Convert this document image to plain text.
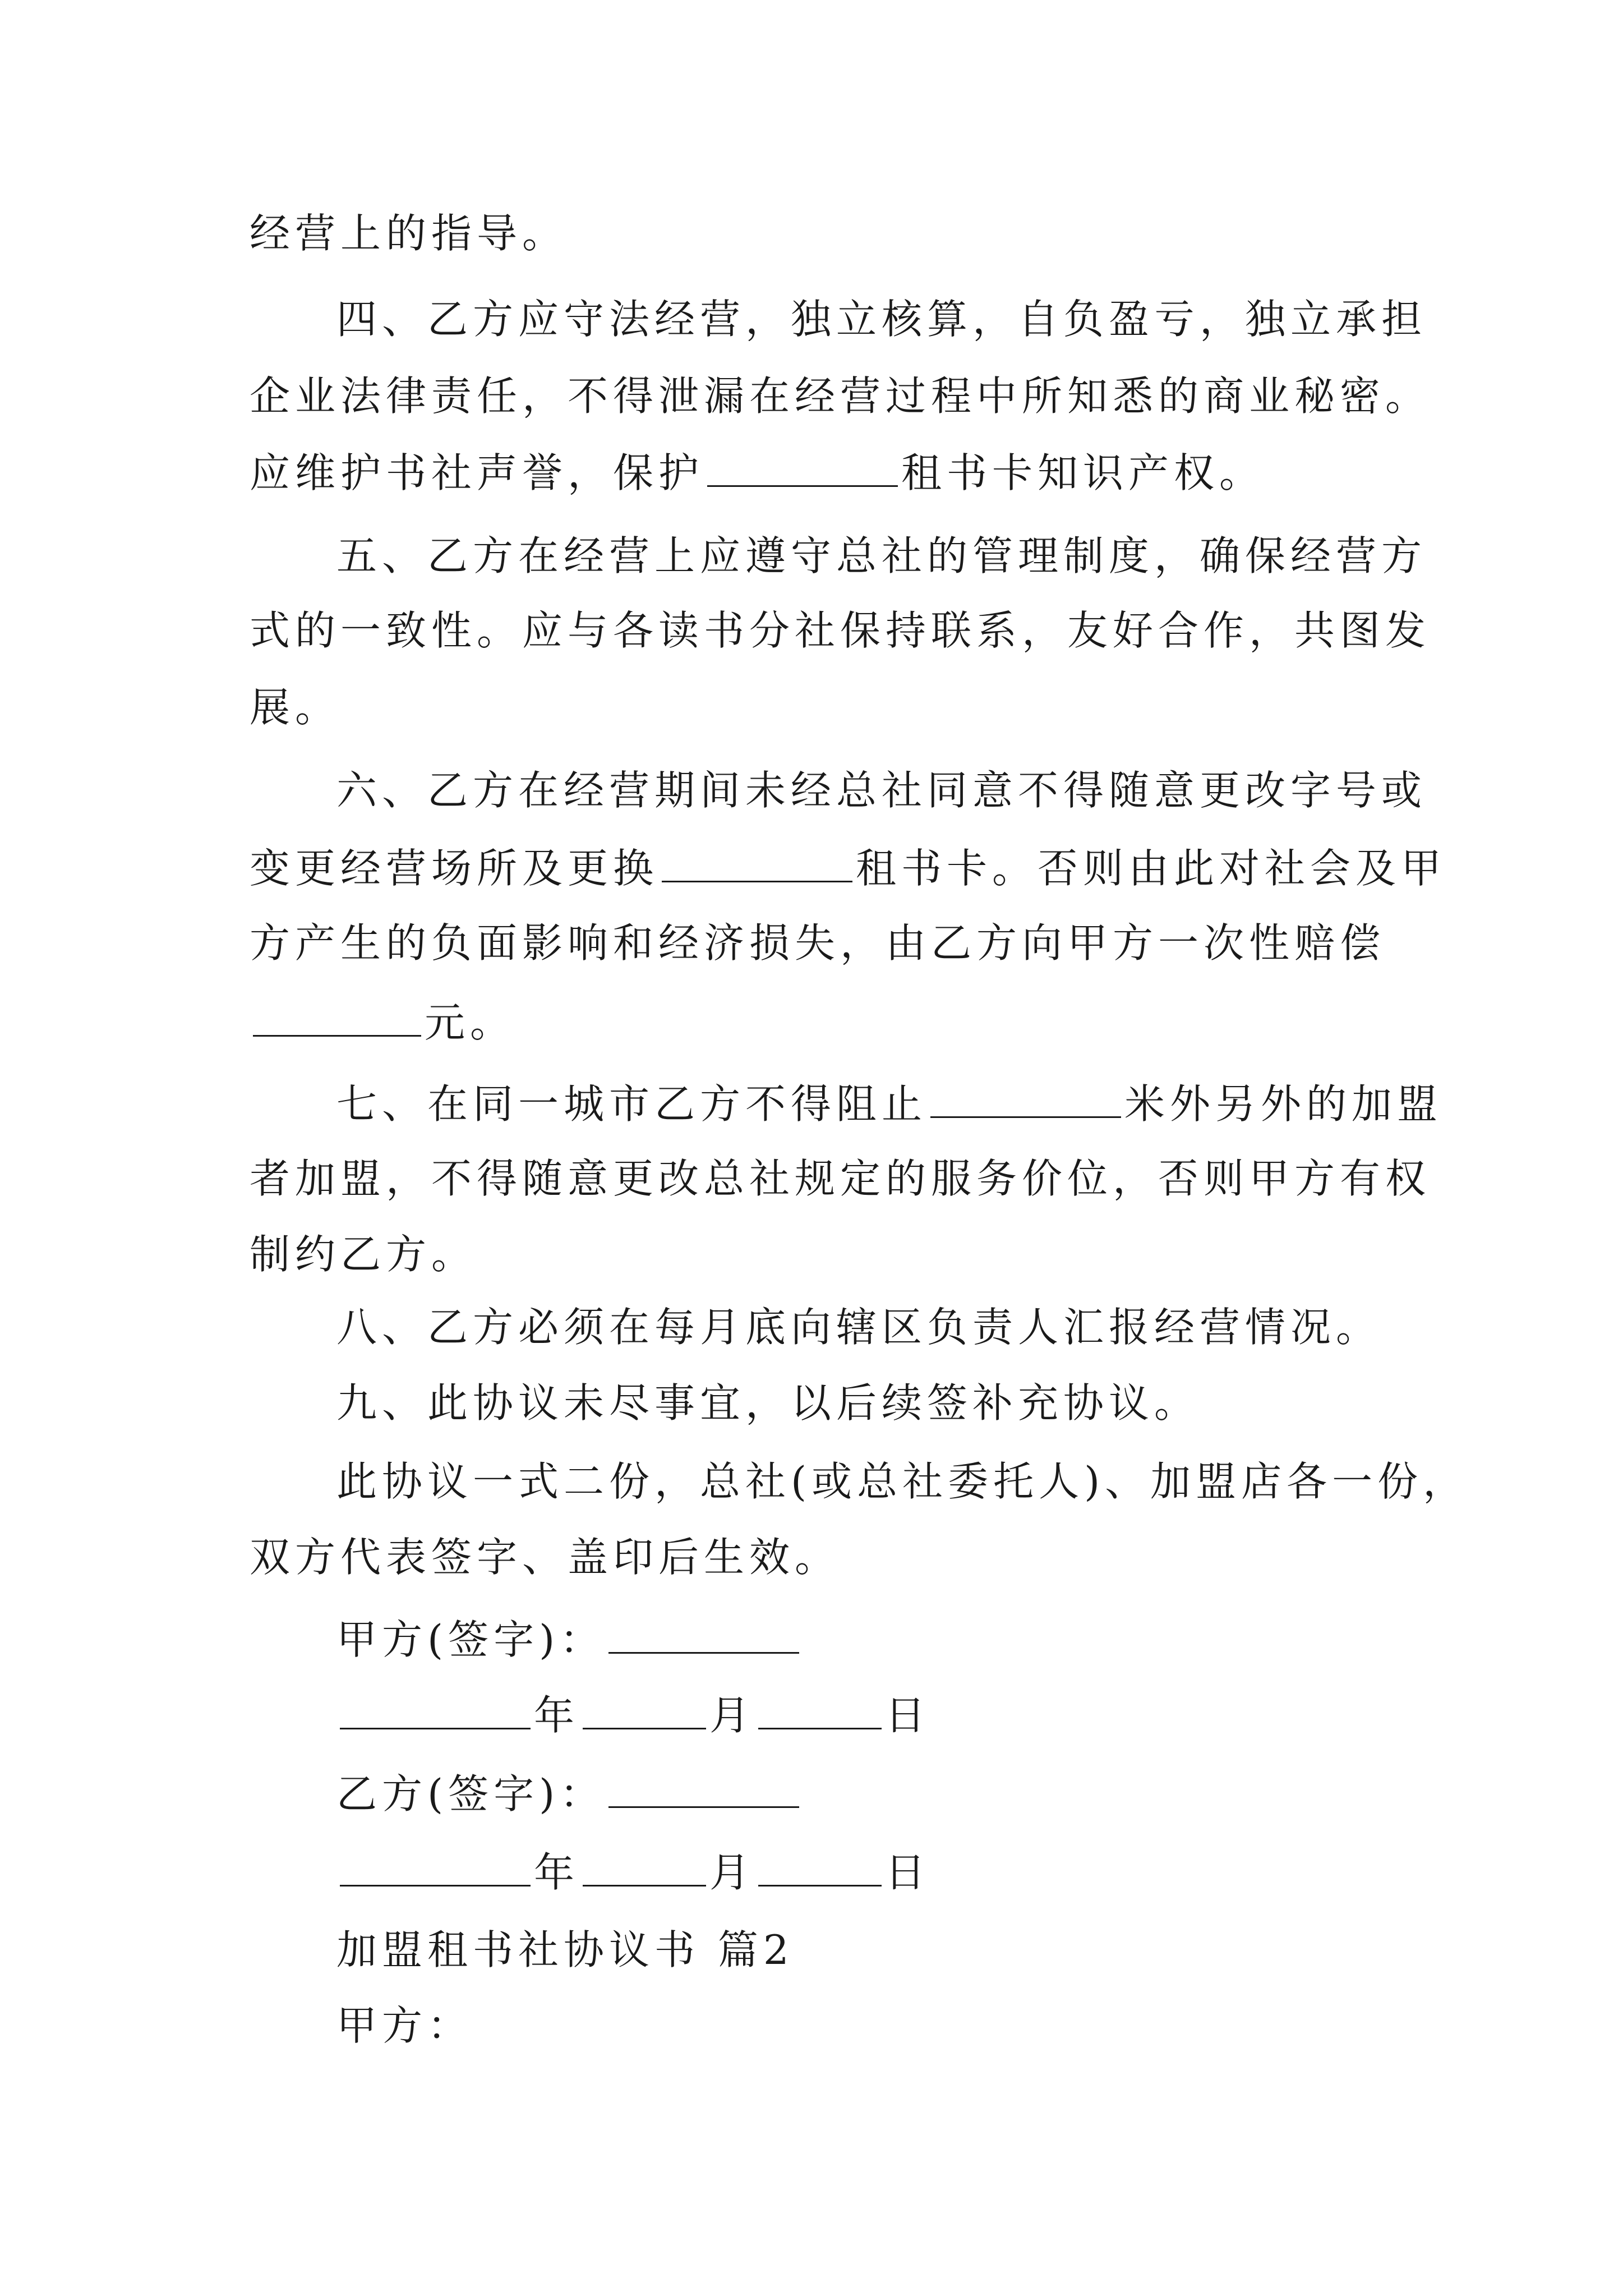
经营上的指导。
四、乙方应守法经营，独立核算，自负盈亏，独立承担
企业法律责任，不得泄漏在经营过程中所知悉的商业秘密。
应维护书社声誉，保护	租书卡知识产权。
五、乙方在经营上应遵守总社的管理制度，确保经营方
式的一致性。应与各读书分社保持联系，友好合作，共图发
展。
六、乙方在经营期间未经总社同意不得随意更改字号或
变更经营场所及更换	租书卡。否则由此对社会及甲
方产生的负面影响和经济损失，由乙方向甲方一次性赔偿
元。
七、在同一城市乙方不得阻止	米外另外的加盟
者加盟，不得随意更改总社规定的服务价位，否则甲方有权
制约乙方。
八、乙方必须在每月底向辖区负责人汇报经营情况。
九、此协议未尽事宜，以后续签补充协议。
此协议一式二份，总社(或总社委托人)、加盟店各一份，
双方代表签字、盖印后生效。
甲方(签字)：
年	月	日
乙方(签字)：
年	月	日
加盟租书社协议书 篇2
甲方：
